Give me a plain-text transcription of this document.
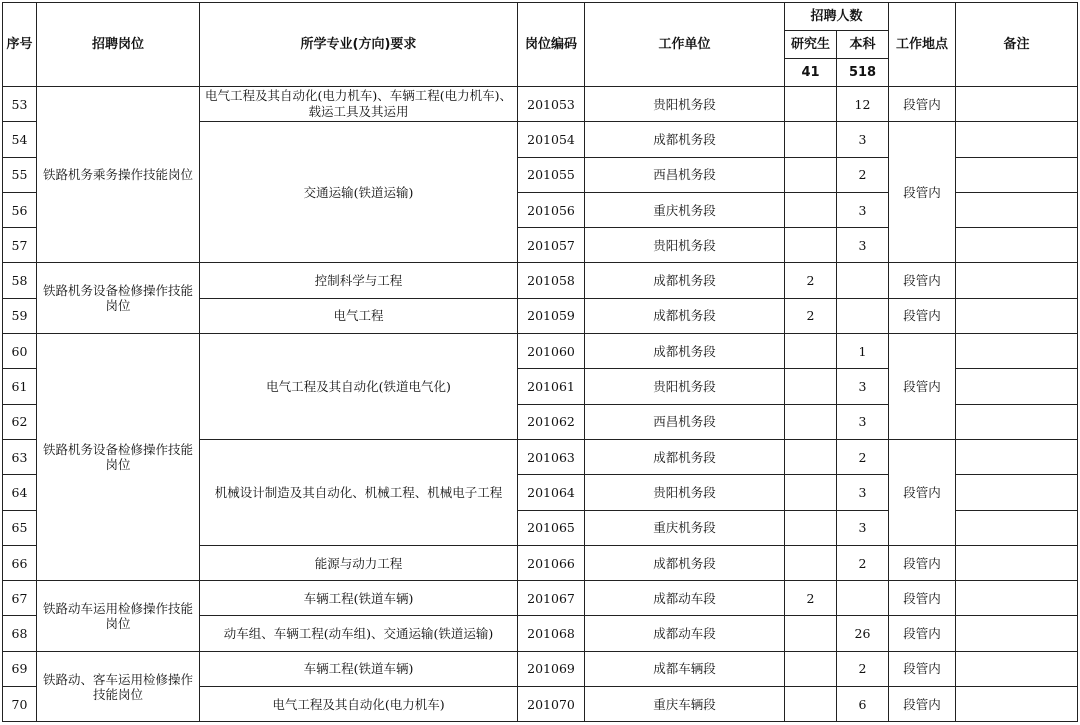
序号	招聘岗位	所学专业(方向)要求	岗位编码	工作单位	招聘人数		工作地点	备注
					研究生	本科		
					41	518		
53	铁路机务乘务操作技能岗位	电气工程及其自动化(电力机车)、车辆工程(电力机车)、载运工具及其运用	201053	贵阳机务段		12	段管内	
54		交通运输(铁道运输)	201054	成都机务段		3	段管内	
55			201055	西昌机务段		2		
56			201056	重庆机务段		3		
57			201057	贵阳机务段		3		
58	铁路机务设备检修操作技能岗位	控制科学与工程	201058	成都机务段	2		段管内	
59		电气工程	201059	成都机务段	2		段管内	
60	铁路机务设备检修操作技能岗位	电气工程及其自动化(铁道电气化)	201060	成都机务段		1	段管内	
61			201061	贵阳机务段		3		
62			201062	西昌机务段		3		
63		机械设计制造及其自动化、机械工程、机械电子工程	201063	成都机务段		2	段管内	
64			201064	贵阳机务段		3		
65			201065	重庆机务段		3		
66		能源与动力工程	201066	成都机务段		2	段管内	
67	铁路动车运用检修操作技能岗位	车辆工程(铁道车辆)	201067	成都动车段	2		段管内	
68		动车组、车辆工程(动车组)、交通运输(铁道运输)	201068	成都动车段		26	段管内	
69	铁路动、客车运用检修操作技能岗位	车辆工程(铁道车辆)	201069	成都车辆段		2	段管内	
70		电气工程及其自动化(电力机车)	201070	重庆车辆段		6	段管内	
